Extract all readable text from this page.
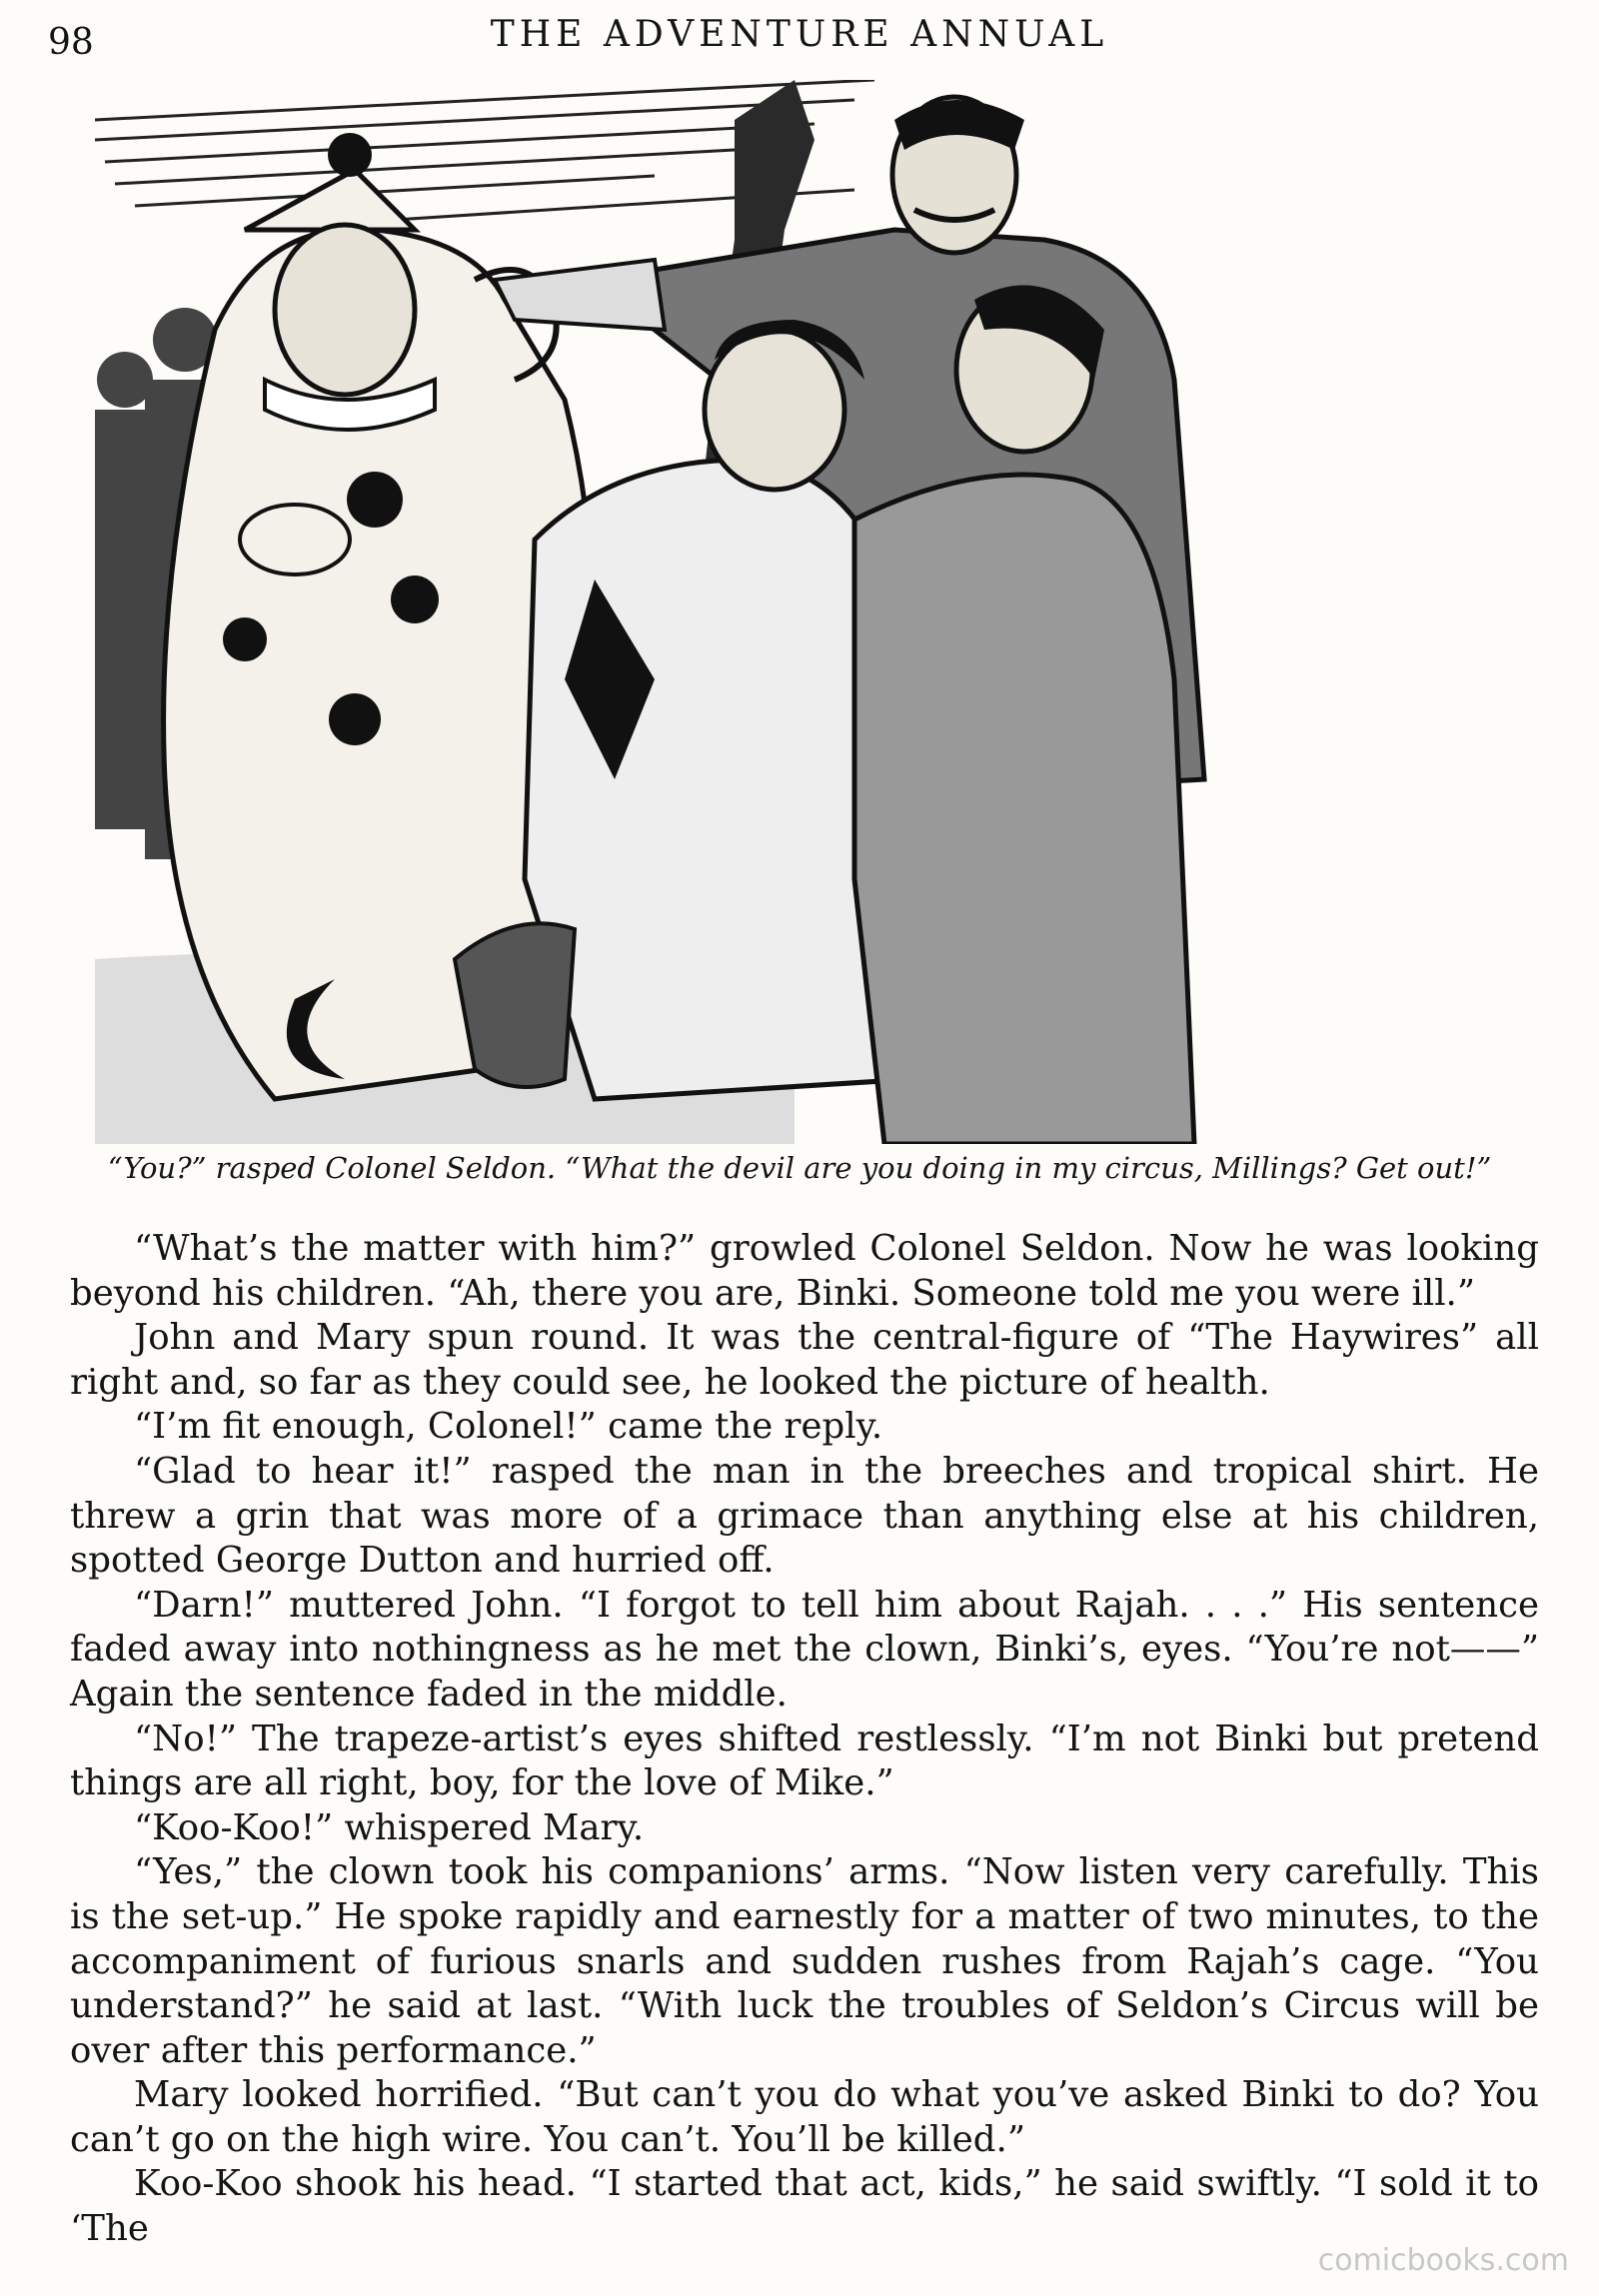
98	THE ADVENTURE ANNUAL
“You?” rasped Colonel Seldon. “What the devil are you doing in my circus, Millings? Get out!”

“What’s the matter with him?” growled Colonel Seldon. Now he was looking beyond his children. “Ah, there you are, Binki. Someone told me you were ill.”

John and Mary spun round. It was the central-figure of “The Haywires” all right and, so far as they could see, he looked the picture of health.

“I’m fit enough, Colonel!” came the reply.

“Glad to hear it!” rasped the man in the breeches and tropical shirt. He threw a grin that was more of a grimace than anything else at his children, spotted George Dutton and hurried off.

“Darn!” muttered John. “I forgot to tell him about Rajah. . . .” His sentence faded away into nothingness as he met the clown, Binki’s, eyes. “You’re not——” Again the sentence faded in the middle.

“No!” The trapeze-artist’s eyes shifted restlessly. “I’m not Binki but pretend things are all right, boy, for the love of Mike.”

“Koo-Koo!” whispered Mary.

“Yes,” the clown took his companions’ arms. “Now listen very carefully. This is the set-up.” He spoke rapidly and earnestly for a matter of two minutes, to the accompaniment of furious snarls and sudden rushes from Rajah’s cage. “You understand?” he said at last. “With luck the troubles of Seldon’s Circus will be over after this performance.”

Mary looked horrified. “But can’t you do what you’ve asked Binki to do? You can’t go on the high wire. You can’t. You’ll be killed.”

Koo-Koo shook his head. “I started that act, kids,” he said swiftly. “I sold it to ‘The

comicbooks.com
